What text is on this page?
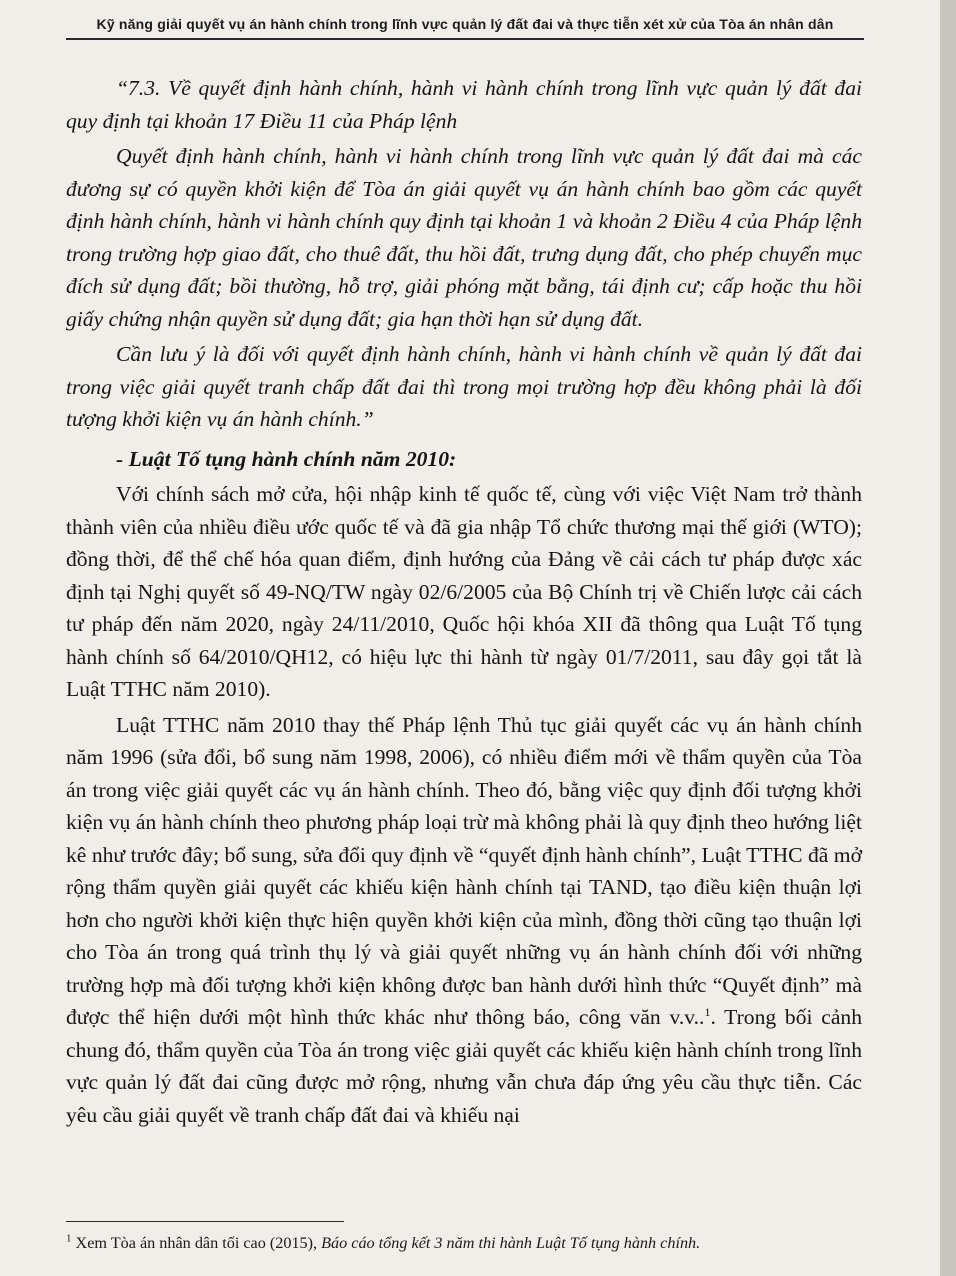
Kỹ năng giải quyết vụ án hành chính trong lĩnh vực quản lý đất đai và thực tiễn xét xử của Tòa án nhân dân

“7.3. Về quyết định hành chính, hành vi hành chính trong lĩnh vực quản lý đất đai quy định tại khoản 17 Điều 11 của Pháp lệnh

Quyết định hành chính, hành vi hành chính trong lĩnh vực quản lý đất đai mà các đương sự có quyền khởi kiện để Tòa án giải quyết vụ án hành chính bao gồm các quyết định hành chính, hành vi hành chính quy định tại khoản 1 và khoản 2 Điều 4 của Pháp lệnh trong trường hợp giao đất, cho thuê đất, thu hồi đất, trưng dụng đất, cho phép chuyển mục đích sử dụng đất; bồi thường, hỗ trợ, giải phóng mặt bằng, tái định cư; cấp hoặc thu hồi giấy chứng nhận quyền sử dụng đất; gia hạn thời hạn sử dụng đất.

Cần lưu ý là đối với quyết định hành chính, hành vi hành chính về quản lý đất đai trong việc giải quyết tranh chấp đất đai thì trong mọi trường hợp đều không phải là đối tượng khởi kiện vụ án hành chính.”

- Luật Tố tụng hành chính năm 2010:

Với chính sách mở cửa, hội nhập kinh tế quốc tế, cùng với việc Việt Nam trở thành thành viên của nhiều điều ước quốc tế và đã gia nhập Tổ chức thương mại thế giới (WTO); đồng thời, để thể chế hóa quan điểm, định hướng của Đảng về cải cách tư pháp được xác định tại Nghị quyết số 49-NQ/TW ngày 02/6/2005 của Bộ Chính trị về Chiến lược cải cách tư pháp đến năm 2020, ngày 24/11/2010, Quốc hội khóa XII đã thông qua Luật Tố tụng hành chính số 64/2010/QH12, có hiệu lực thi hành từ ngày 01/7/2011, sau đây gọi tắt là Luật TTHC năm 2010).

Luật TTHC năm 2010 thay thế Pháp lệnh Thủ tục giải quyết các vụ án hành chính năm 1996 (sửa đổi, bổ sung năm 1998, 2006), có nhiều điểm mới về thẩm quyền của Tòa án trong việc giải quyết các vụ án hành chính. Theo đó, bằng việc quy định đối tượng khởi kiện vụ án hành chính theo phương pháp loại trừ mà không phải là quy định theo hướng liệt kê như trước đây; bổ sung, sửa đổi quy định về “quyết định hành chính”, Luật TTHC đã mở rộng thẩm quyền giải quyết các khiếu kiện hành chính tại TAND, tạo điều kiện thuận lợi hơn cho người khởi kiện thực hiện quyền khởi kiện của mình, đồng thời cũng tạo thuận lợi cho Tòa án trong quá trình thụ lý và giải quyết những vụ án hành chính đối với những trường hợp mà đối tượng khởi kiện không được ban hành dưới hình thức “Quyết định” mà được thể hiện dưới một hình thức khác như thông báo, công văn v.v..$^1$. Trong bối cảnh chung đó, thẩm quyền của Tòa án trong việc giải quyết các khiếu kiện hành chính trong lĩnh vực quản lý đất đai cũng được mở rộng, nhưng vẫn chưa đáp ứng yêu cầu thực tiễn. Các yêu cầu giải quyết về tranh chấp đất đai và khiếu nại

$^1$ Xem Tòa án nhân dân tối cao (2015), Báo cáo tổng kết 3 năm thi hành Luật Tố tụng hành chính.
